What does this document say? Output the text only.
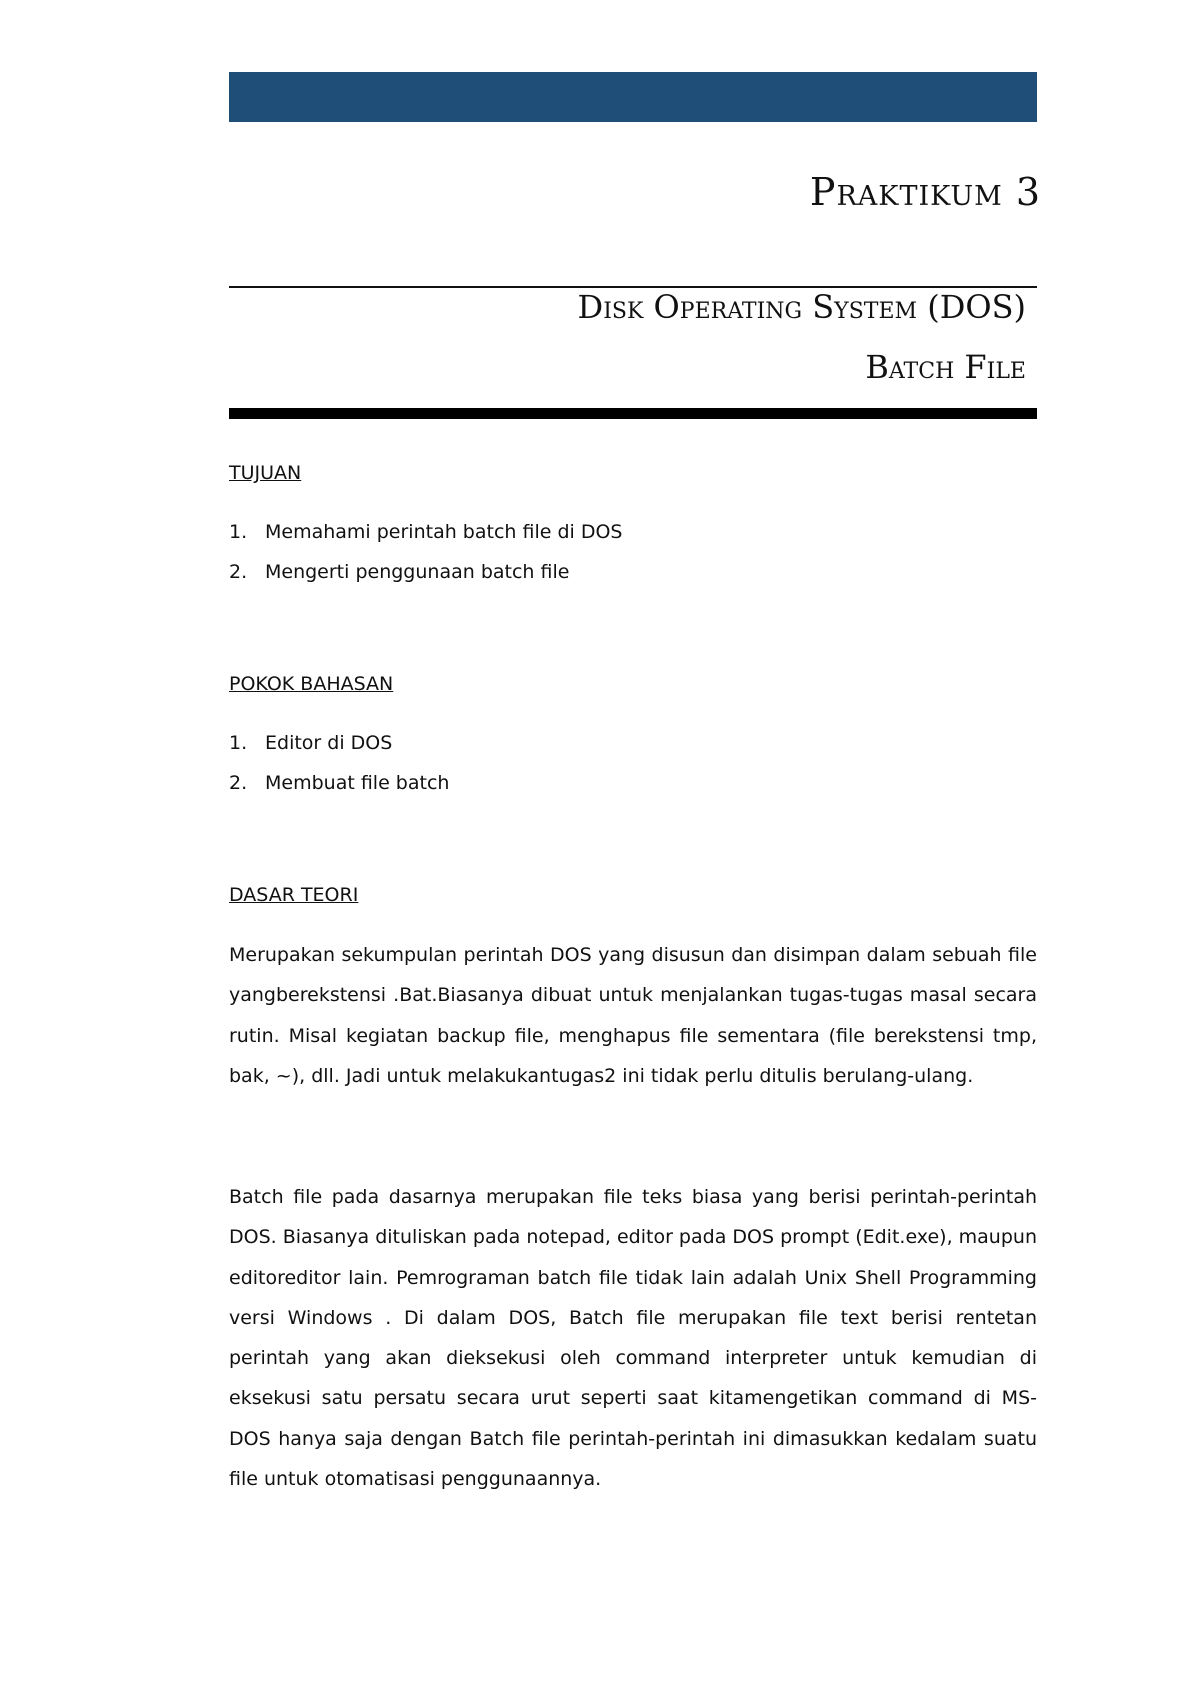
Praktikum 3
Disk Operating System (DOS)
Batch File
TUJUAN
1. Memahami perintah batch file di DOS
2. Mengerti penggunaan batch file
POKOK BAHASAN
1. Editor di DOS
2. Membuat file batch
DASAR TEORI

Merupakan sekumpulan perintah DOS yang disusun dan disimpan dalam sebuah file yangberekstensi .Bat.Biasanya dibuat untuk menjalankan tugas-tugas masal secara rutin. Misal kegiatan backup file, menghapus file sementara (file berekstensi tmp, bak, ~), dll. Jadi untuk melakukantugas2 ini tidak perlu ditulis berulang-ulang.

Batch file pada dasarnya merupakan file teks biasa yang berisi perintah-perintah DOS. Biasanya dituliskan pada notepad, editor pada DOS prompt (Edit.exe), maupun editoreditor lain. Pemrograman batch file tidak lain adalah Unix Shell Programming versi Windows . Di dalam DOS, Batch file merupakan file text berisi rentetan perintah yang akan dieksekusi oleh command interpreter untuk kemudian di eksekusi satu persatu secara urut seperti saat kitamengetikan command di MS- DOS hanya saja dengan Batch file perintah-perintah ini dimasukkan kedalam suatu file untuk otomatisasi penggunaannya.
